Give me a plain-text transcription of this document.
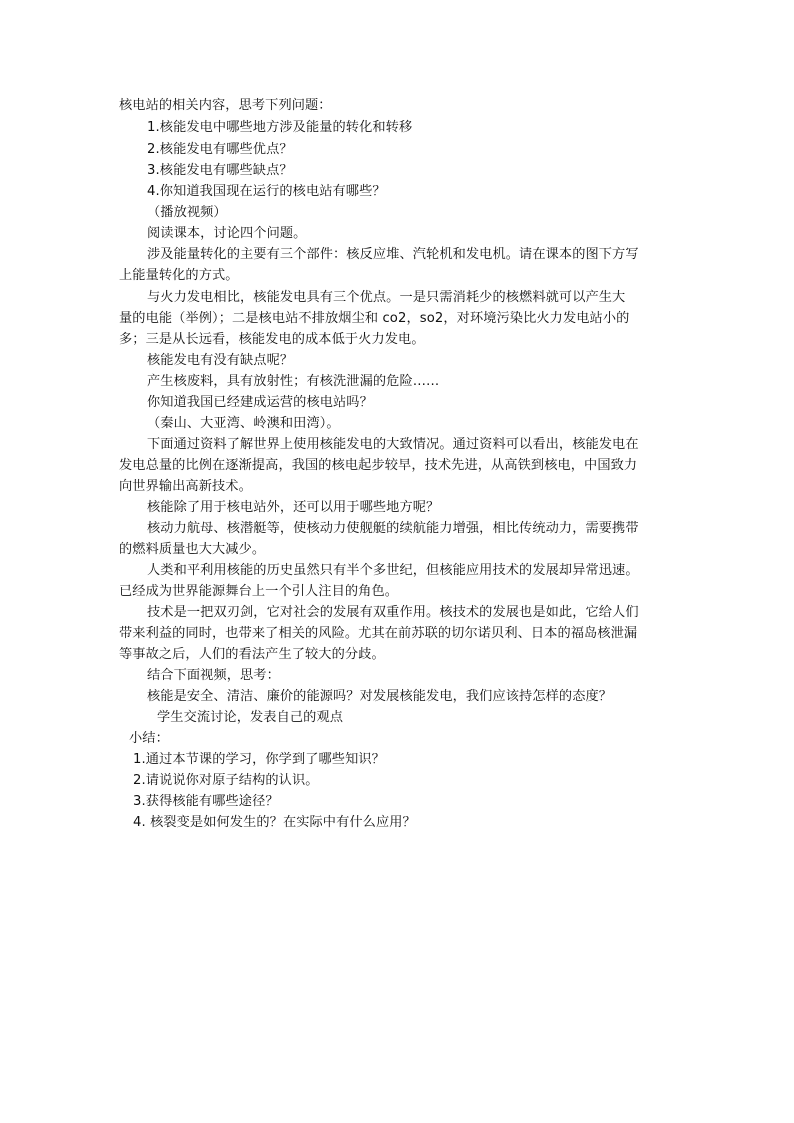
核电站的相关内容，思考下列问题：
1.核能发电中哪些地方涉及能量的转化和转移
2.核能发电有哪些优点？
3.核能发电有哪些缺点？
4.你知道我国现在运行的核电站有哪些？
（播放视频）
阅读课本，讨论四个问题。
涉及能量转化的主要有三个部件：核反应堆、汽轮机和发电机。请在课本的图下方写
上能量转化的方式。
与火力发电相比，核能发电具有三个优点。一是只需消耗少的核燃料就可以产生大
量的电能（举例）；二是核电站不排放烟尘和 co2，so2，对环境污染比火力发电站小的
多；三是从长远看，核能发电的成本低于火力发电。
核能发电有没有缺点呢？
产生核废料，具有放射性；有核洗泄漏的危险……
你知道我国已经建成运营的核电站吗？
（秦山、大亚湾、岭澳和田湾）。
下面通过资料了解世界上使用核能发电的大致情况。通过资料可以看出，核能发电在
发电总量的比例在逐渐提高，我国的核电起步较早，技术先进，从高铁到核电，中国致力
向世界输出高新技术。
核能除了用于核电站外，还可以用于哪些地方呢？
核动力航母、核潜艇等，使核动力使舰艇的续航能力增强，相比传统动力，需要携带
的燃料质量也大大减少。
人类和平利用核能的历史虽然只有半个多世纪，但核能应用技术的发展却异常迅速。
已经成为世界能源舞台上一个引人注目的角色。
技术是一把双刃剑，它对社会的发展有双重作用。核技术的发展也是如此，它给人们
带来利益的同时，也带来了相关的风险。尤其在前苏联的切尔诺贝利、日本的福岛核泄漏
等事故之后，人们的看法产生了较大的分歧。
结合下面视频，思考：
核能是安全、清洁、廉价的能源吗？对发展核能发电，我们应该持怎样的态度？
学生交流讨论，发表自己的观点
小结：
1.通过本节课的学习，你学到了哪些知识？
2.请说说你对原子结构的认识。
3.获得核能有哪些途径？
4. 核裂变是如何发生的？在实际中有什么应用？
